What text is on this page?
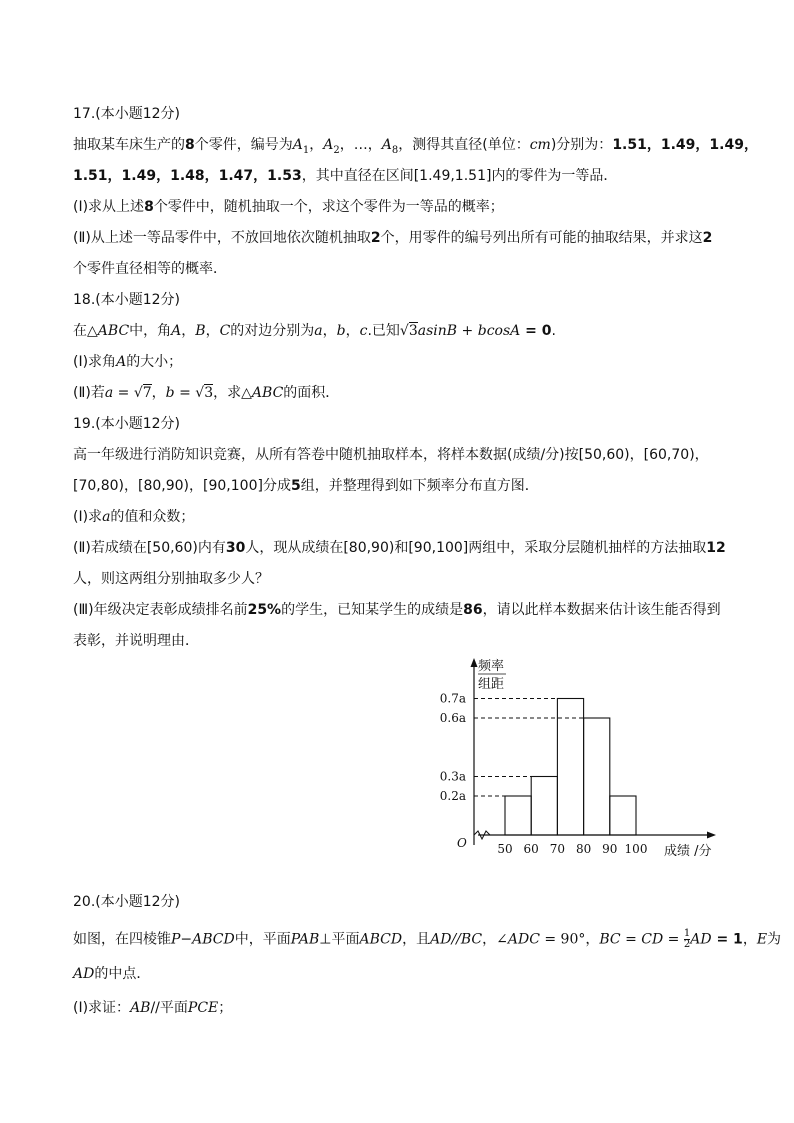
17.(本小题12分)
抽取某车床生产的8个零件，编号为$A_1$，$A_2$，…，$A_8$，测得其直径(单位：cm)分别为：1.51，1.49，1.49，
1.51，1.49，1.48，1.47，1.53，其中直径在区间[1.49,1.51]内的零件为一等品．
(Ⅰ)求从上述8个零件中，随机抽取一个，求这个零件为一等品的概率；
(Ⅱ)从上述一等品零件中，不放回地依次随机抽取2个，用零件的编号列出所有可能的抽取结果，并求这2
个零件直径相等的概率．
18.(本小题12分)
在△ABC中，角A，B，C的对边分别为a，b，c.已知√3asinB + bcosA = 0.
(Ⅰ)求角A的大小；
(Ⅱ)若a = √7，b = √3，求△ABC的面积．
19.(本小题12分)
高一年级进行消防知识竞赛，从所有答卷中随机抽取样本，将样本数据(成绩/分)按[50,60)，[60,70)，
[70,80)，[80,90)，[90,100]分成5组，并整理得到如下频率分布直方图．
(Ⅰ)求a的值和众数；
(Ⅱ)若成绩在[50,60)内有30人，现从成绩在[80,90)和[90,100]两组中，采取分层随机抽样的方法抽取12
人，则这两组分别抽取多少人？
(Ⅲ)年级决定表彰成绩排名前25%的学生，已知某学生的成绩是86，请以此样本数据来估计该生能否得到
表彰，并说明理由．
O
频率
组距
成绩 /分
0.2a
0.3a
0.6a
0.7a
50 60 70 80 90 100
20.(本小题12分)
如图，在四棱锥P−ABCD中，平面PAB⊥平面ABCD，且AD//BC，∠ADC = 90°，BC = CD = $\frac{1}{2}$ AD = 1，E为
AD的中点．
(Ⅰ)求证：AB//平面PCE；
